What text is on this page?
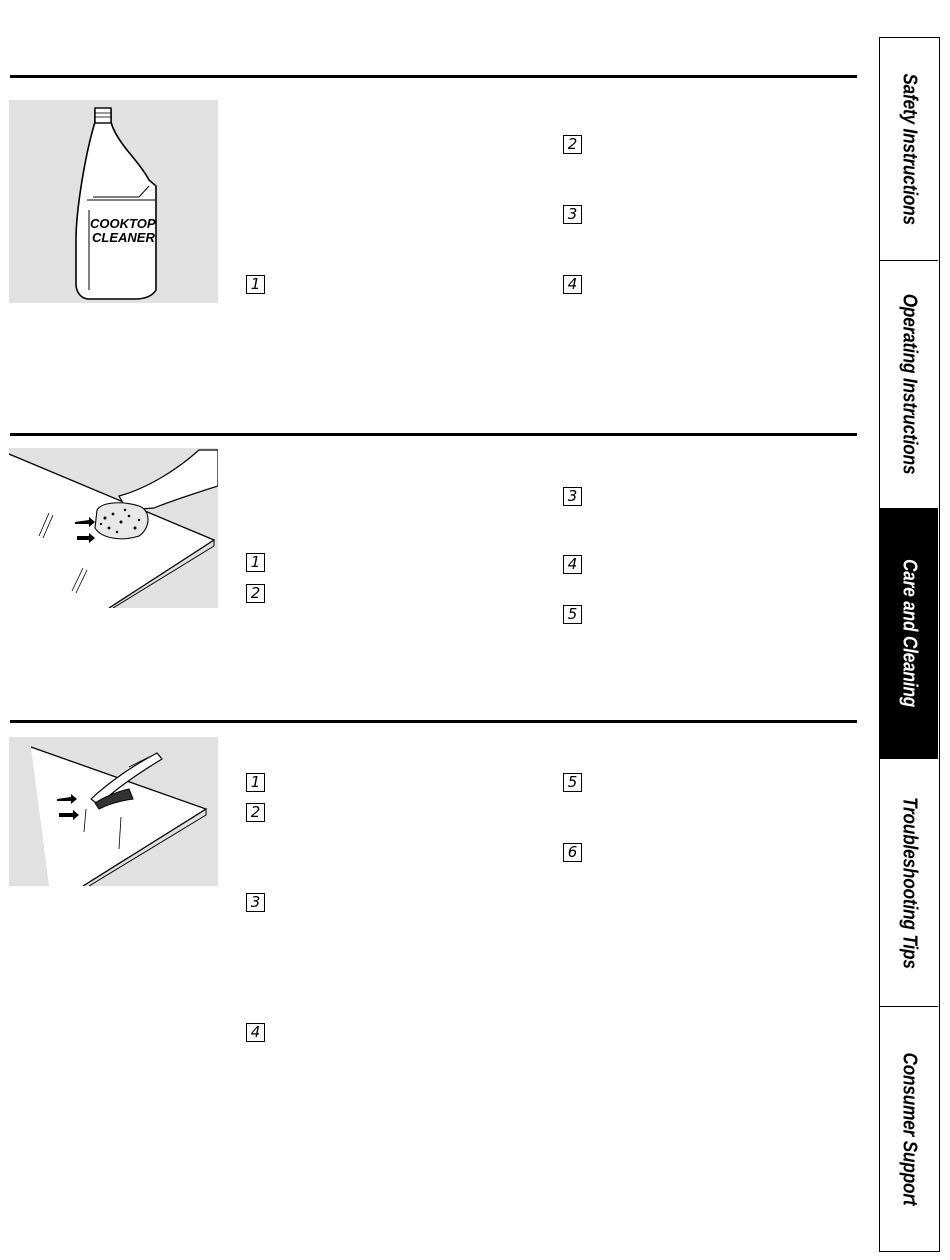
COOKTOP
CLEANER
1
2
3
4
1
2
3
4
5
1
2
3
4
5
6
Safety Instructions
Operating Instructions
Care and Cleaning
Troubleshooting Tips
Consumer Support
